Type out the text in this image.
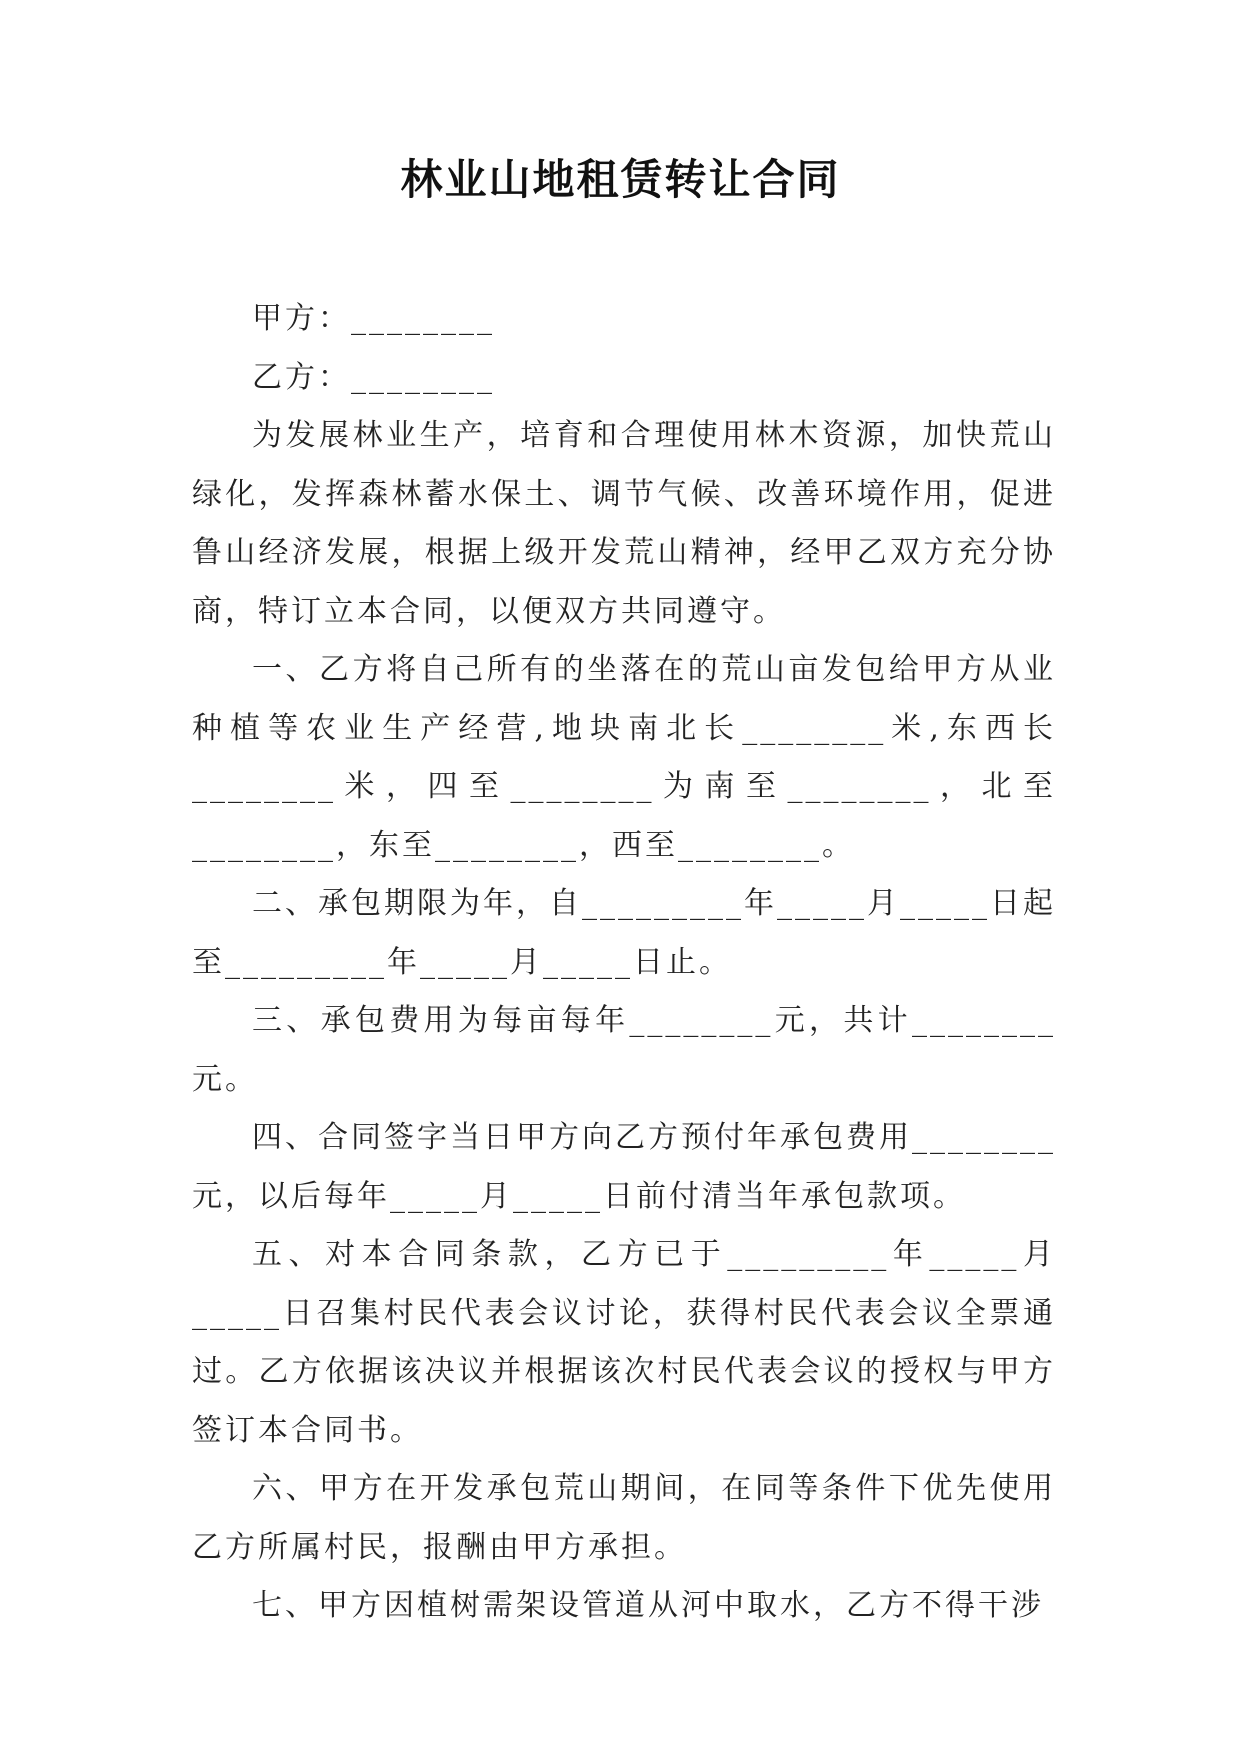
林业山地租赁转让合同

甲方：________

乙方：________

为发展林业生产，培育和合理使用林木资源，加快荒山绿化，发挥森林蓄水保土、调节气候、改善环境作用，促进鲁山经济发展，根据上级开发荒山精神，经甲乙双方充分协商，特订立本合同，以便双方共同遵守。

一、乙方将自己所有的坐落在的荒山亩发包给甲方从业种植等农业生产经营,地块南北长________米,东西长________米，四至________为南至________，北至________，东至________，西至________。

二、承包期限为年，自_________年_____月_____日起至_________年_____月_____日止。

三、承包费用为每亩每年________元，共计________元。

四、合同签字当日甲方向乙方预付年承包费用________元，以后每年_____月_____日前付清当年承包款项。

五、对本合同条款，乙方已于_________年_____月_____日召集村民代表会议讨论，获得村民代表会议全票通过。乙方依据该决议并根据该次村民代表会议的授权与甲方签订本合同书。

六、甲方在开发承包荒山期间，在同等条件下优先使用乙方所属村民，报酬由甲方承担。

七、甲方因植树需架设管道从河中取水，乙方不得干涉
